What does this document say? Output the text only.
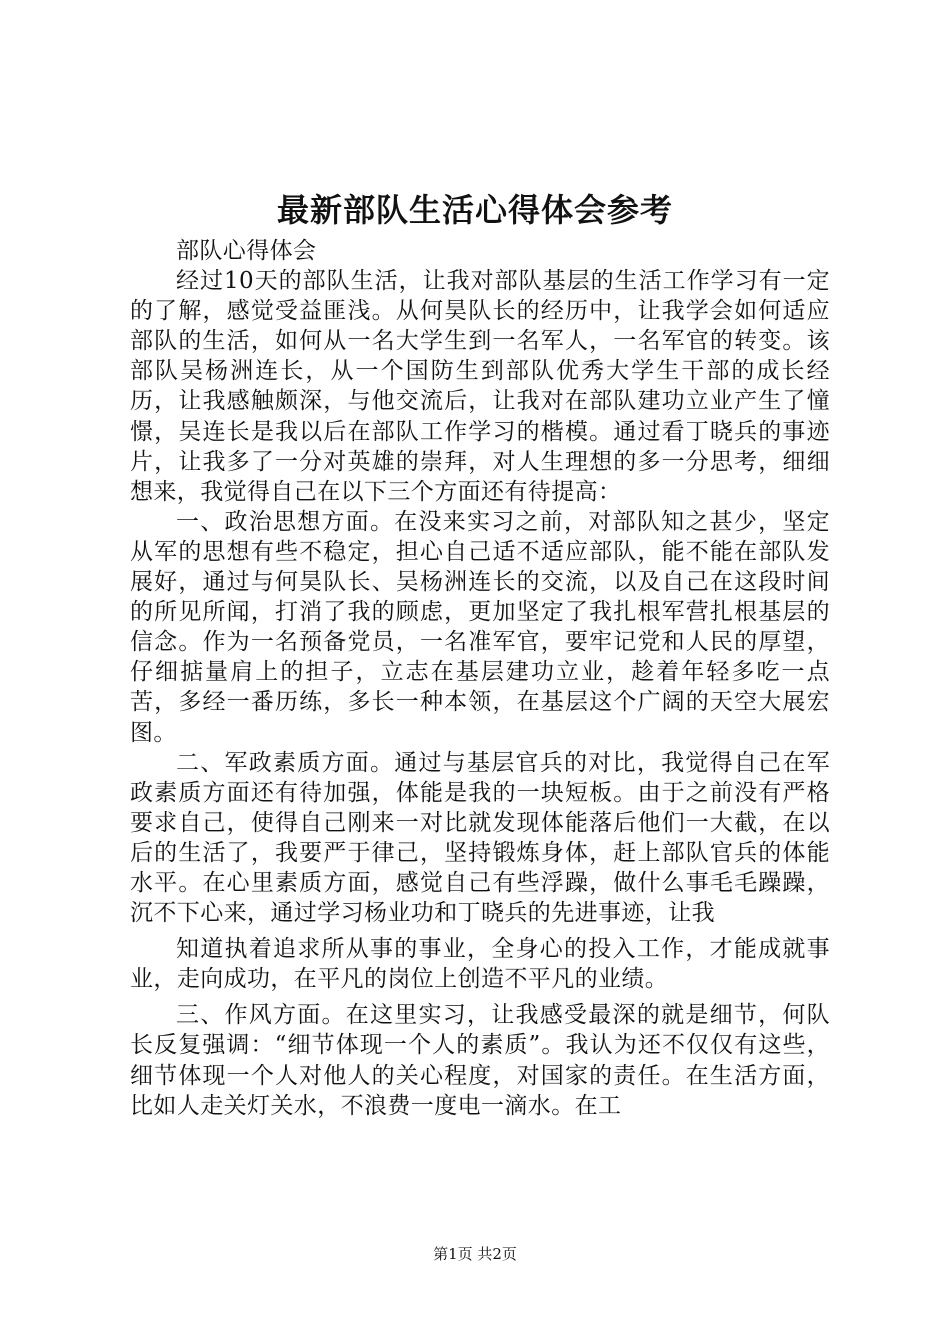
最新部队生活心得体会参考

部队心得体会

经过10天的部队生活，让我对部队基层的生活工作学习有一定的了解，感觉受益匪浅。从何昊队长的经历中，让我学会如何适应部队的生活，如何从一名大学生到一名军人，一名军官的转变。该部队吴杨洲连长，从一个国防生到部队优秀大学生干部的成长经历，让我感触颇深，与他交流后，让我对在部队建功立业产生了憧憬，吴连长是我以后在部队工作学习的楷模。通过看丁晓兵的事迹片，让我多了一分对英雄的崇拜，对人生理想的多一分思考，细细想来，我觉得自己在以下三个方面还有待提高：

一、政治思想方面。在没来实习之前，对部队知之甚少，坚定从军的思想有些不稳定，担心自己适不适应部队，能不能在部队发展好，通过与何昊队长、吴杨洲连长的交流，以及自己在这段时间的所见所闻，打消了我的顾虑，更加坚定了我扎根军营扎根基层的信念。作为一名预备党员，一名准军官，要牢记党和人民的厚望，仔细掂量肩上的担子，立志在基层建功立业，趁着年轻多吃一点苦，多经一番历练，多长一种本领，在基层这个广阔的天空大展宏图。

二、军政素质方面。通过与基层官兵的对比，我觉得自己在军政素质方面还有待加强，体能是我的一块短板。由于之前没有严格要求自己，使得自己刚来一对比就发现体能落后他们一大截，在以后的生活了，我要严于律己，坚持锻炼身体，赶上部队官兵的体能水平。在心里素质方面，感觉自己有些浮躁，做什么事毛毛躁躁，沉不下心来，通过学习杨业功和丁晓兵的先进事迹，让我

知道执着追求所从事的事业，全身心的投入工作，才能成就事业，走向成功，在平凡的岗位上创造不平凡的业绩。

三、作风方面。在这里实习，让我感受最深的就是细节，何队长反复强调：“细节体现一个人的素质”。我认为还不仅仅有这些，细节体现一个人对他人的关心程度，对国家的责任。在生活方面，比如人走关灯关水，不浪费一度电一滴水。在工

第1页 共2页
